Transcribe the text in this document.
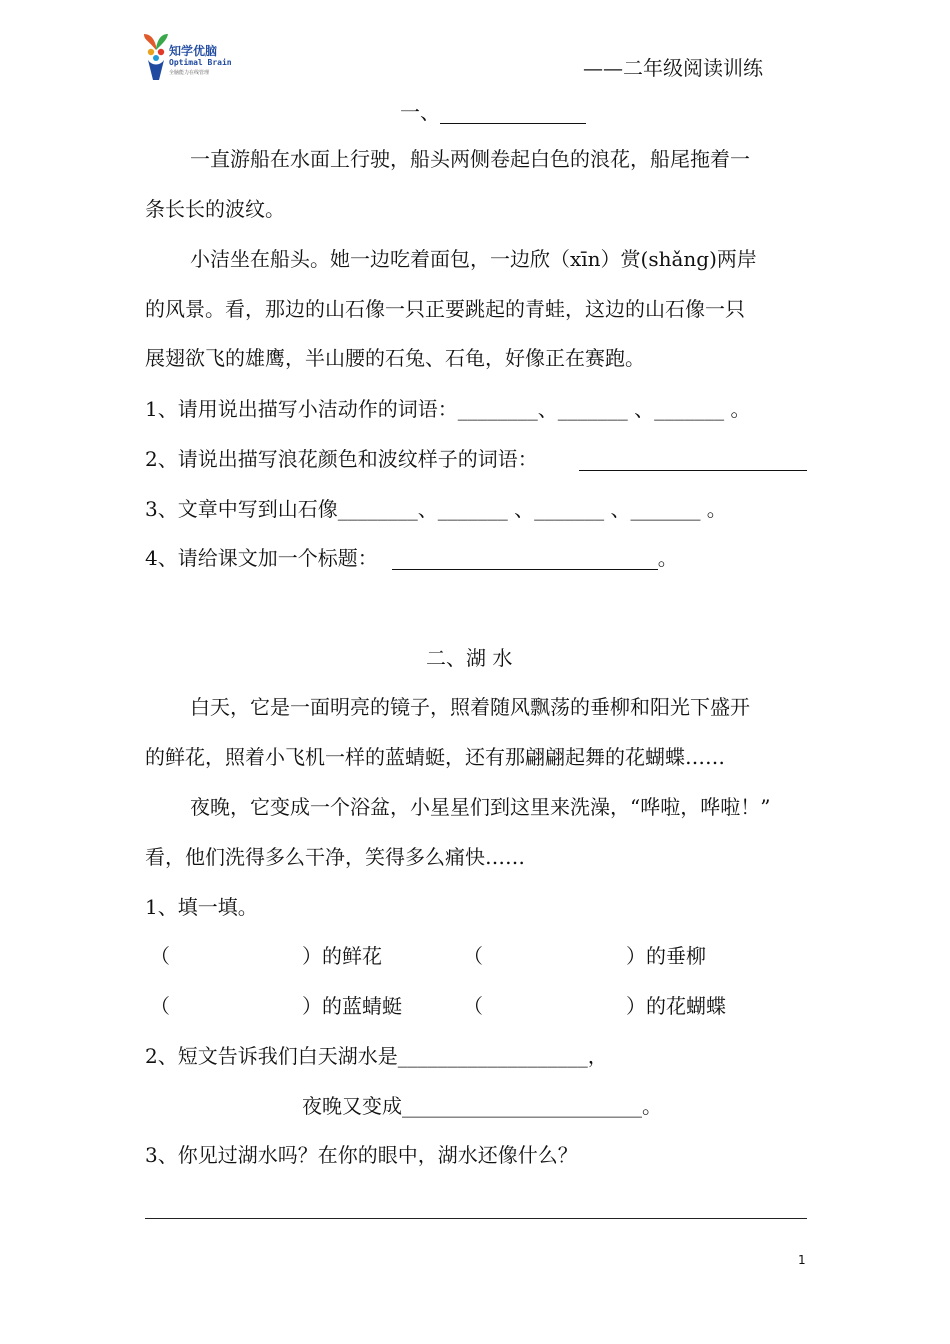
知学优脑
Optimal Brain
全脑能力在线管理	——二年级阅读训练
一、
一直游船在水面上行驶，船头两侧卷起白色的浪花，船尾拖着一
条长长的波纹。
小洁坐在船头。她一边吃着面包，一边欣（xīn）赏(shǎng)两岸
的风景。看，那边的山石像一只正要跳起的青蛙，这边的山石像一只
展翅欲飞的雄鹰，半山腰的石兔、石龟，好像正在赛跑。
1、请用说出描写小洁动作的词语：________、_______ 、_______ 。
2、请说出描写浪花颜色和波纹样子的词语：
3、文章中写到山石像________、_______ 、_______ 、_______ 。
4、请给课文加一个标题：	。
二、湖 水
白天，它是一面明亮的镜子，照着随风飘荡的垂柳和阳光下盛开
的鲜花，照着小飞机一样的蓝蜻蜓，还有那翩翩起舞的花蝴蝶……
夜晚，它变成一个浴盆，小星星们到这里来洗澡，“哗啦，哗啦！”
看，他们洗得多么干净，笑得多么痛快……
1、填一填。
（	）的鲜花	（	）的垂柳
（	）的蓝蜻蜓	（	）的花蝴蝶
2、短文告诉我们白天湖水是___________________，
夜晚又变成________________________。
3、你见过湖水吗？在你的眼中，湖水还像什么？
1
